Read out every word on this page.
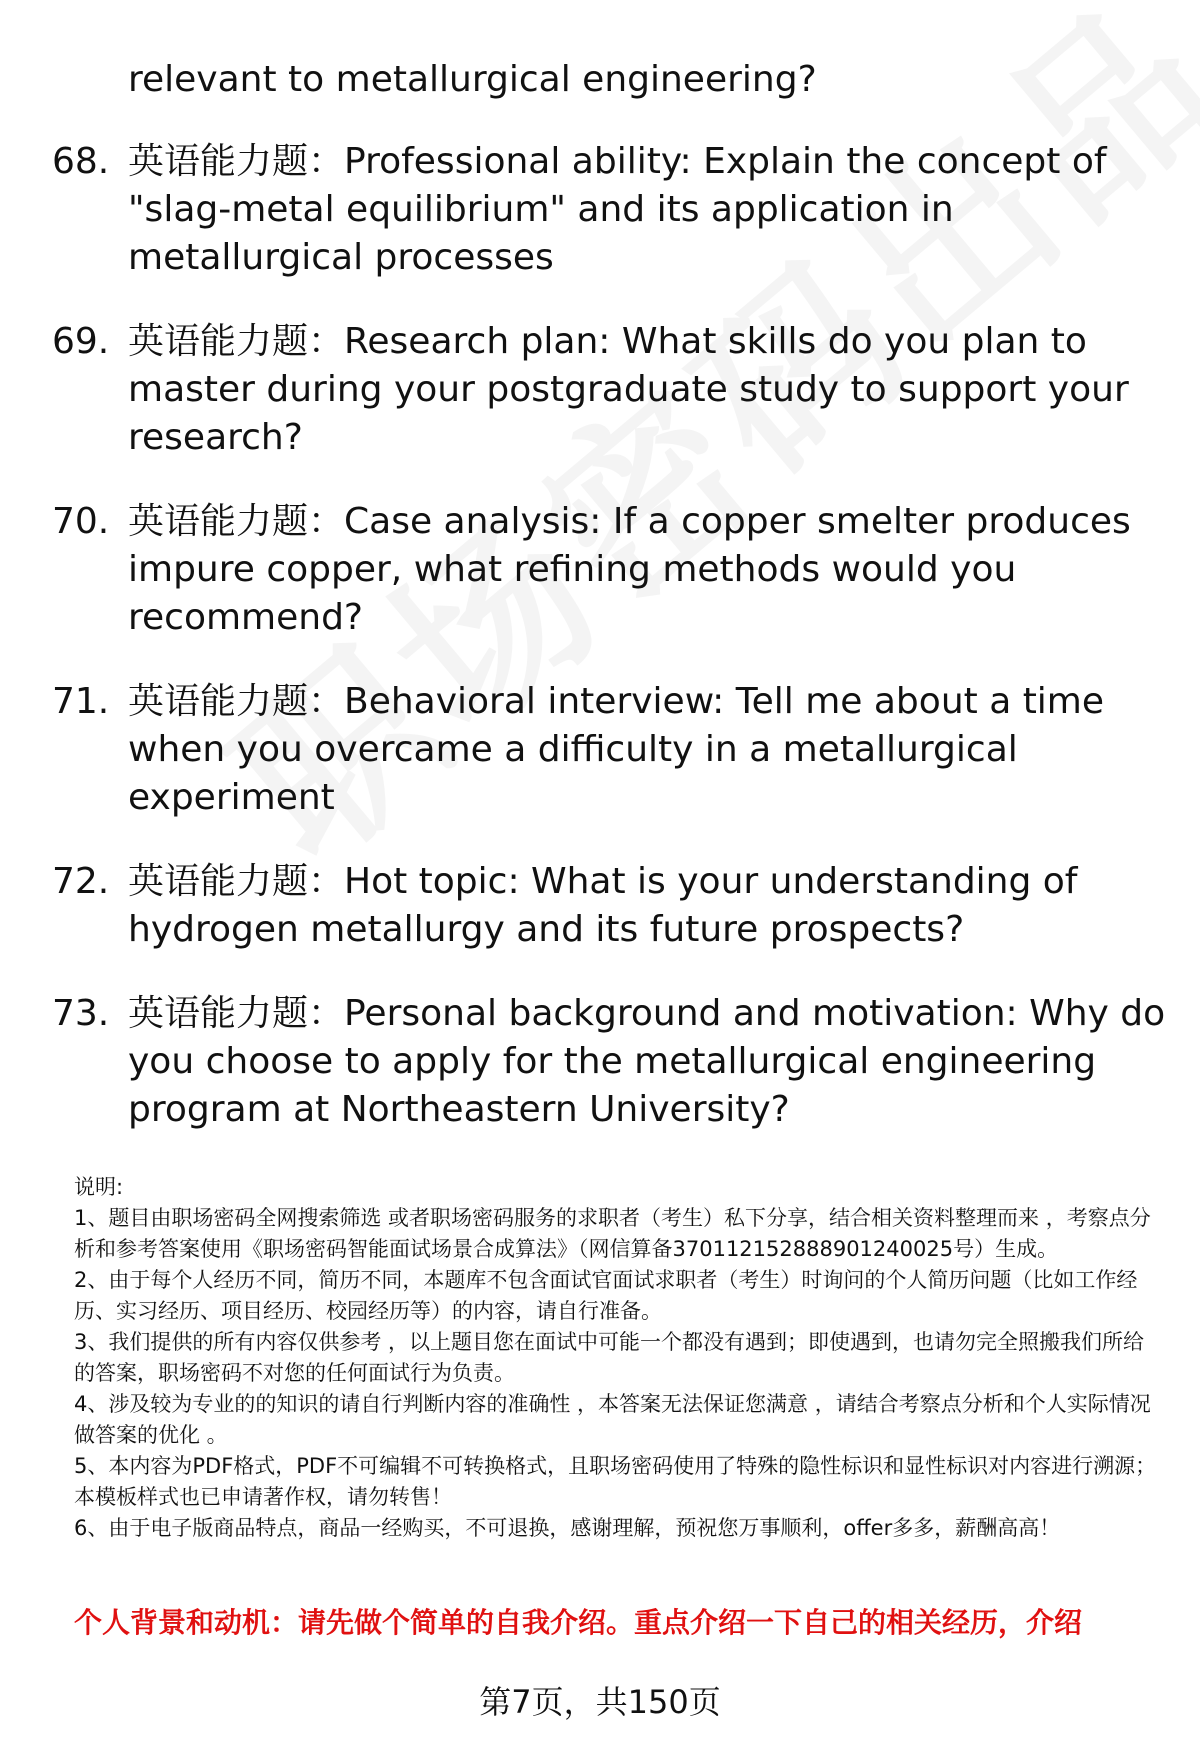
relevant to metallurgical engineering?
68. 英语能力题：Professional ability: Explain the concept of "slag-metal equilibrium" and its application in metallurgical processes
69. 英语能力题：Research plan: What skills do you plan to master during your postgraduate study to support your research?
70. 英语能力题：Case analysis: If a copper smelter produces impure copper, what refining methods would you recommend?
71. 英语能力题：Behavioral interview: Tell me about a time when you overcame a difficulty in a metallurgical experiment
72. 英语能力题：Hot topic: What is your understanding of hydrogen metallurgy and its future prospects?
73. 英语能力题：Personal background and motivation: Why do you choose to apply for the metallurgical engineering program at Northeastern University?
说明:
1、题目由职场密码全网搜索筛选 或者职场密码服务的求职者（考生）私下分享，结合相关资料整理而来 ，考察点分析和参考答案使用《职场密码智能面试场景合成算法》（网信算备370112152888901240025号）生成。
2、由于每个人经历不同，简历不同，本题库不包含面试官面试求职者（考生）时询问的个人简历问题（比如工作经历、实习经历、项目经历、校园经历等）的内容，请自行准备。
3、我们提供的所有内容仅供参考 ，以上题目您在面试中可能一个都没有遇到；即使遇到，也请勿完全照搬我们所给的答案，职场密码不对您的任何面试行为负责。
4、涉及较为专业的的知识的请自行判断内容的准确性 ，本答案无法保证您满意 ，请结合考察点分析和个人实际情况做答案的优化 。
5、本内容为PDF格式，PDF不可编辑不可转换格式，且职场密码使用了特殊的隐性标识和显性标识对内容进行溯源；本模板样式也已申请著作权，请勿转售！
6、由于电子版商品特点，商品一经购买，不可退换，感谢理解，预祝您万事顺利，offer多多，薪酬高高！
个人背景和动机：请先做个简单的自我介绍。重点介绍一下自己的相关经历，介绍
第7页，共150页
